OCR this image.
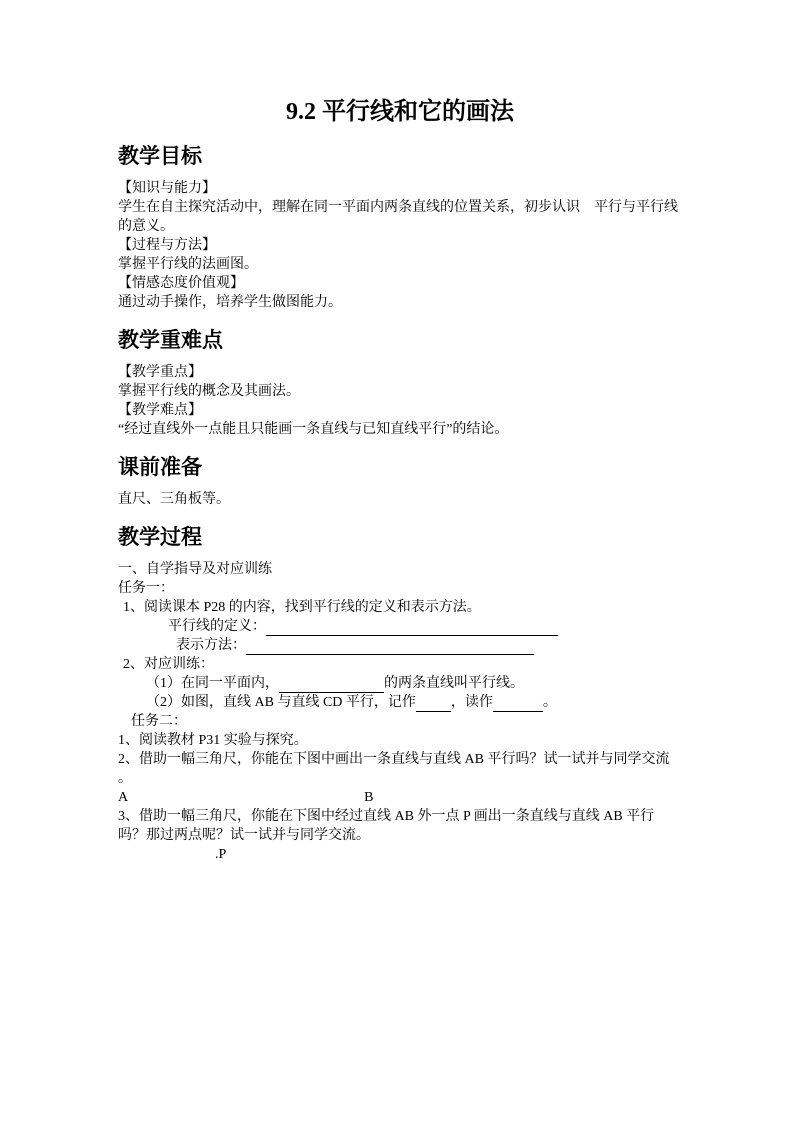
9.2 平行线和它的画法
教学目标

【知识与能力】

学生在自主探究活动中，理解在同一平面内两条直线的位置关系，初步认识　平行与平行线的意义。

【过程与方法】

掌握平行线的法画图。

【情感态度价值观】

通过动手操作，培养学生做图能力。

教学重难点

【教学重点】

掌握平行线的概念及其画法。

【教学难点】

“经过直线外一点能且只能画一条直线与已知直线平行”的结论。

课前准备

直尺、三角板等。

教学过程

一、自学指导及对应训练

任务一：

1、阅读课本 P28 的内容，找到平行线的定义和表示方法。

平行线的定义：

表示方法：

2、对应训练：

（1）在同一平面内，	的两条直线叫平行线。

（2）如图，直线 AB 与直线 CD 平行，记作	，读作	。

任务二：

1、阅读教材 P31 实验与探究。

2、借助一幅三角尺，你能在下图中画出一条直线与直线 AB 平行吗？试一试并与同学交流 。

A	B

3、借助一幅三角尺，你能在下图中经过直线 AB 外一点 P 画出一条直线与直线 AB 平行吗？那过两点呢？试一试并与同学交流。

.P
